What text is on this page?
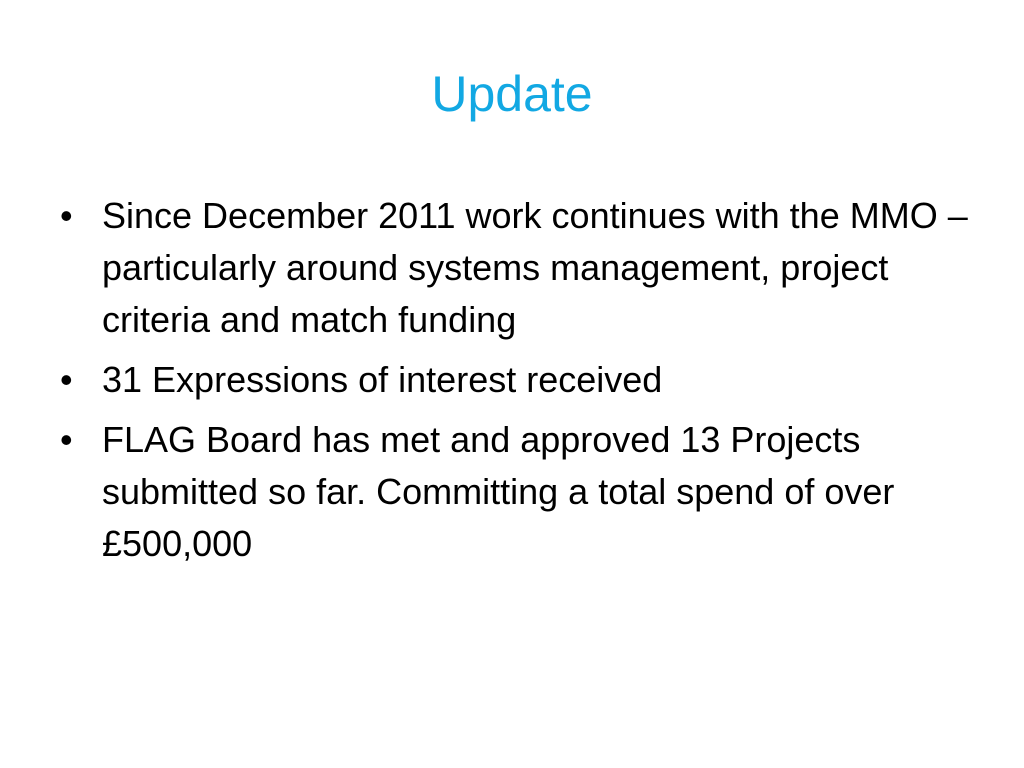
Update
• Since December 2011 work continues with the MMO – particularly around systems management, project criteria and match funding
• 31 Expressions of interest received
• FLAG Board has met and approved 13 Projects submitted so far. Committing a total spend of over £500,000
